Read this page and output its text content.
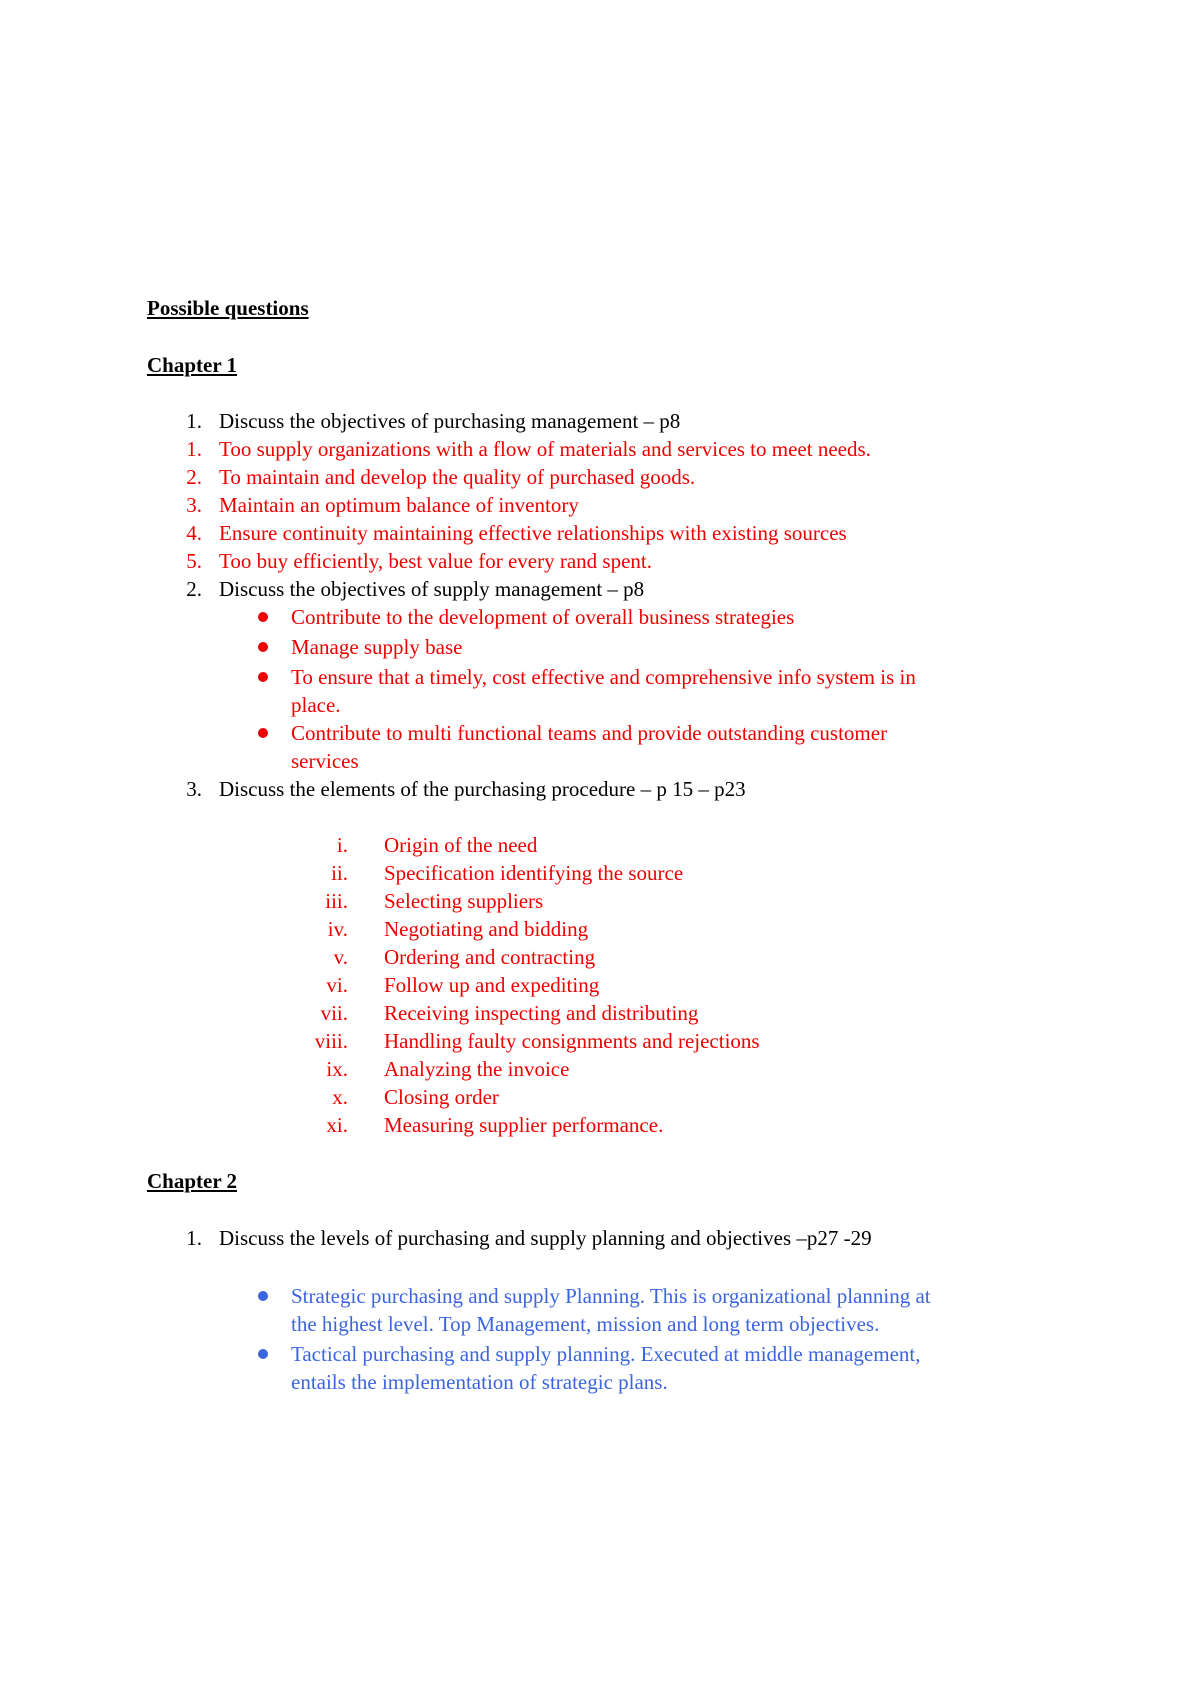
Possible questions
Chapter 1
1. Discuss the objectives of purchasing management – p8
1. Too supply organizations with a flow of materials and services to meet needs.
2. To maintain and develop the quality of purchased goods.
3. Maintain an optimum balance of inventory
4. Ensure continuity maintaining effective relationships with existing sources
5. Too buy efficiently, best value for every rand spent.
2. Discuss the objectives of supply management – p8
Contribute to the development of overall business strategies
Manage supply base
To ensure that a timely, cost effective and comprehensive info system is in
place.
Contribute to multi functional teams and provide outstanding customer
services
3. Discuss the elements of the purchasing procedure – p 15 – p23
i. Origin of the need
ii. Specification identifying the source
iii. Selecting suppliers
iv. Negotiating and bidding
v. Ordering and contracting
vi. Follow up and expediting
vii. Receiving inspecting and distributing
viii. Handling faulty consignments and rejections
ix. Analyzing the invoice
x. Closing order
xi. Measuring supplier performance.
Chapter 2
1. Discuss the levels of purchasing and supply planning and objectives –p27 -29
Strategic purchasing and supply Planning. This is organizational planning at
the highest level. Top Management, mission and long term objectives.
Tactical purchasing and supply planning. Executed at middle management,
entails the implementation of strategic plans.
